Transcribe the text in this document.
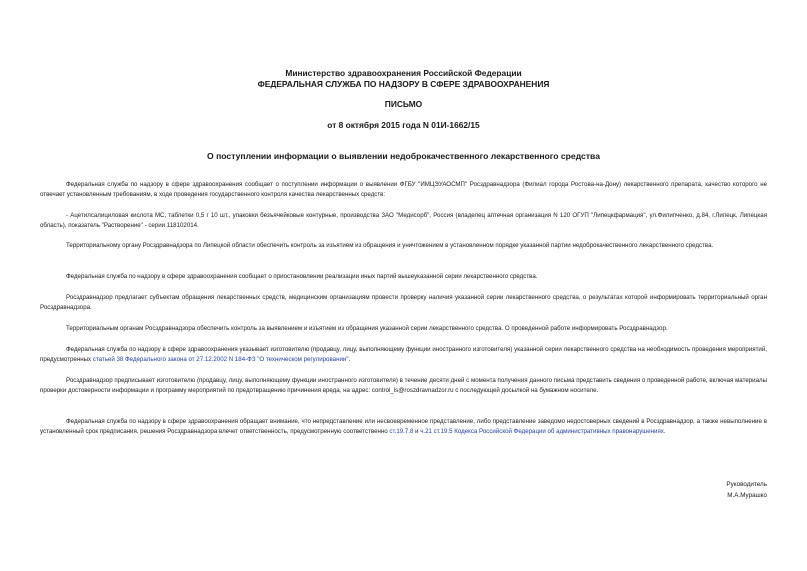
Министерство здравоохранения Российской Федерации
ФЕДЕРАЛЬНАЯ СЛУЖБА ПО НАДЗОРУ В СФЕРЕ ЗДРАВООХРАНЕНИЯ
ПИСЬМО
от 8 октября 2015 года N 01И-1662/15
О поступлении информации о выявлении недоброкачественного лекарственного средства

Федеральная служба по надзору в сфере здравоохранения сообщает о поступлении информации о выявлении ФГБУ "ИМЦЭУАОСМП" Росздравнадзора (Филиал города Ростова-на-Дону) лекарственного препарата, качество которого не отвечает установленным требованиям, в ходе проведения государственного контроля качества лекарственных средств:

- Ацетилсалициловая кислота МС, таблетки 0,5 г 10 шт., упаковки безъячейковые контурные, производства ЗАО "Медисорб", Россия (владелец аптечная организация N 120 ОГУП "Липецкфармация", ул.Филипченко, д.84, г.Липецк, Липецкая область), показатель "Растворение" - серии 118102014.

Территориальному органу Росздравнадзора по Липецкой области обеспечить контроль за изъятием из обращения и уничтожением в установленном порядке указанной партии недоброкачественного лекарственного средства.

Федеральная служба по надзору в сфере здравоохранения сообщает о приостановлении реализации иных партий вышеуказанной серии лекарственного средства.

Росздравнадзор предлагает субъектам обращения лекарственных средств, медицинским организациям провести проверку наличия указанной серии лекарственного средства, о результатах которой информировать территориальный орган Росздравнадзора.

Территориальным органам Росздравнадзора обеспечить контроль за выявлением и изъятием из обращения указанной серии лекарственного средства. О проведенной работе информировать Росздравнадзор.

Федеральная служба по надзору в сфере здравоохранения указывает изготовителю (продавцу, лицу, выполняющему функции иностранного изготовителя) указанной серии лекарственного средства на необходимость проведения мероприятий, предусмотренных статьей 38 Федерального закона от 27.12.2002 N 184-ФЗ "О техническом регулировании".

Росздравнадзор предписывает изготовителю (продавцу, лицу, выполняющему функции иностранного изготовителя) в течение десяти дней с момента получения данного письма представить сведения о проведенной работе, включая материалы проверки достоверности информации и программу мероприятий по предотвращению причинения вреда, на адрес: control_ls@roszdravnadzor.ru с последующей досылкой на бумажном носителе.

Федеральная служба по надзору в сфере здравоохранения обращает внимание, что непредставление или несвоевременное представление, либо представление заведомо недостоверных сведений в Росздравнадзор, а также невыполнение в установленный срок предписания, решения Росздравнадзора влечет ответственность, предусмотренную соответственно ст.19.7.8 и ч.21 ст.19.5 Кодекса Российской Федерации об административных правонарушениях.

Руководитель
М.А.Мурашко
